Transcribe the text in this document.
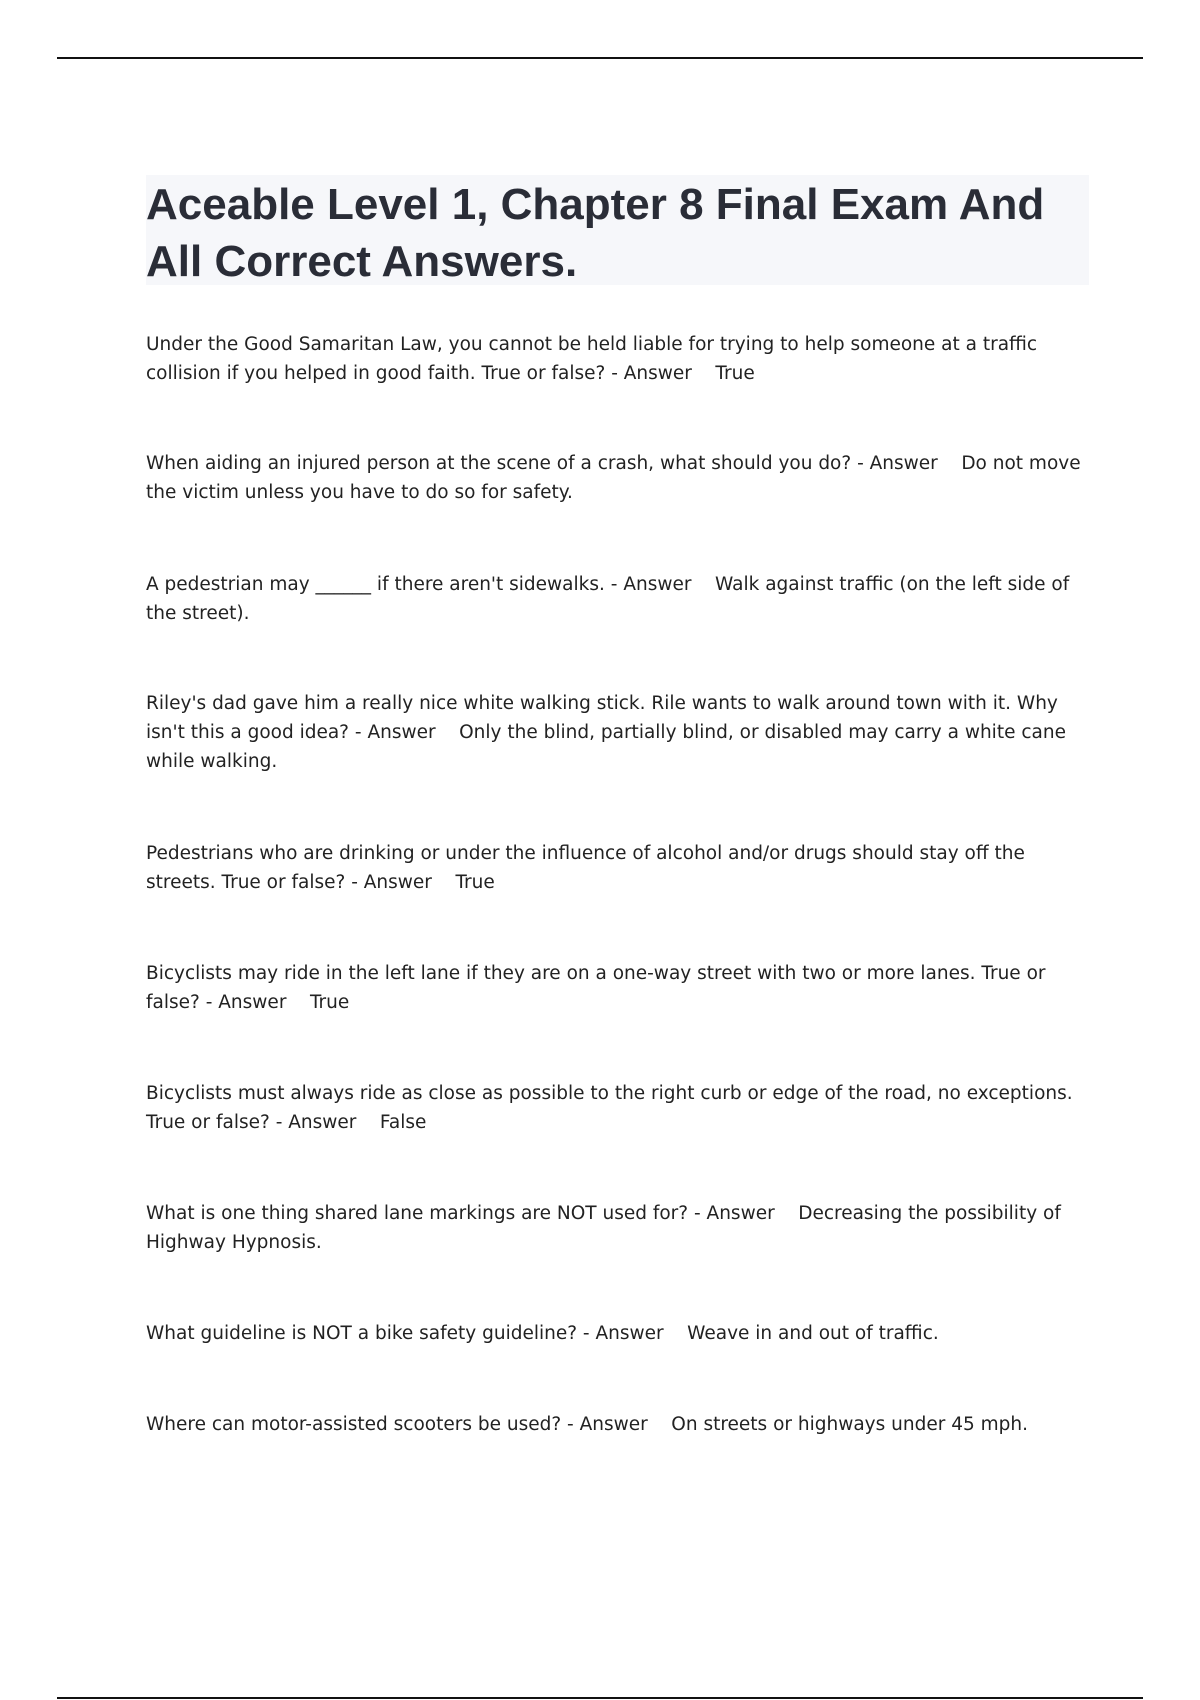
Aceable Level 1, Chapter 8 Final Exam And All Correct Answers.

Under the Good Samaritan Law, you cannot be held liable for trying to help someone at a traffic collision if you helped in good faith. True or false? - Answer True

When aiding an injured person at the scene of a crash, what should you do? - Answer Do not move the victim unless you have to do so for safety.

A pedestrian may ______ if there aren't sidewalks. - Answer Walk against traffic (on the left side of the street).

Riley's dad gave him a really nice white walking stick. Rile wants to walk around town with it. Why isn't this a good idea? - Answer Only the blind, partially blind, or disabled may carry a white cane while walking.

Pedestrians who are drinking or under the influence of alcohol and/or drugs should stay off the streets. True or false? - Answer True

Bicyclists may ride in the left lane if they are on a one-way street with two or more lanes. True or false? - Answer True

Bicyclists must always ride as close as possible to the right curb or edge of the road, no exceptions. True or false? - Answer False

What is one thing shared lane markings are NOT used for? - Answer Decreasing the possibility of Highway Hypnosis.

What guideline is NOT a bike safety guideline? - Answer Weave in and out of traffic.

Where can motor-assisted scooters be used? - Answer On streets or highways under 45 mph.
